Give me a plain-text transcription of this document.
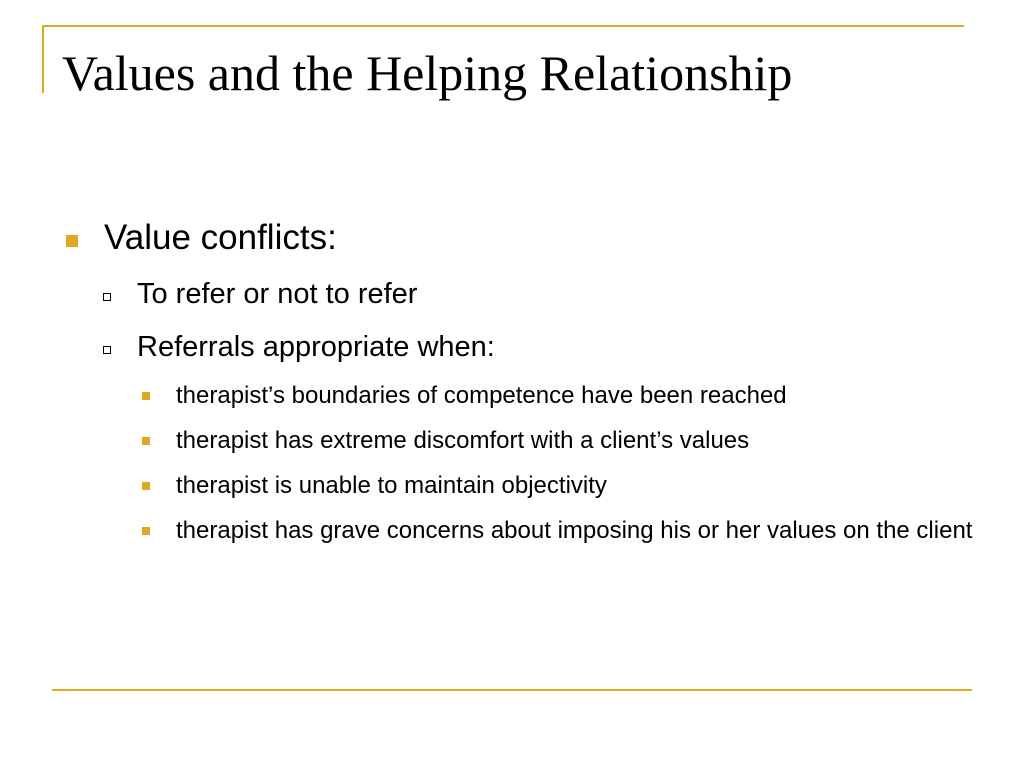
Values and the Helping Relationship
Value conflicts:
To refer or not to refer
Referrals appropriate when:
therapist’s boundaries of competence have been reached
therapist has extreme discomfort with a client’s values
therapist is unable to maintain objectivity
therapist has grave concerns about imposing his or her values on the client
